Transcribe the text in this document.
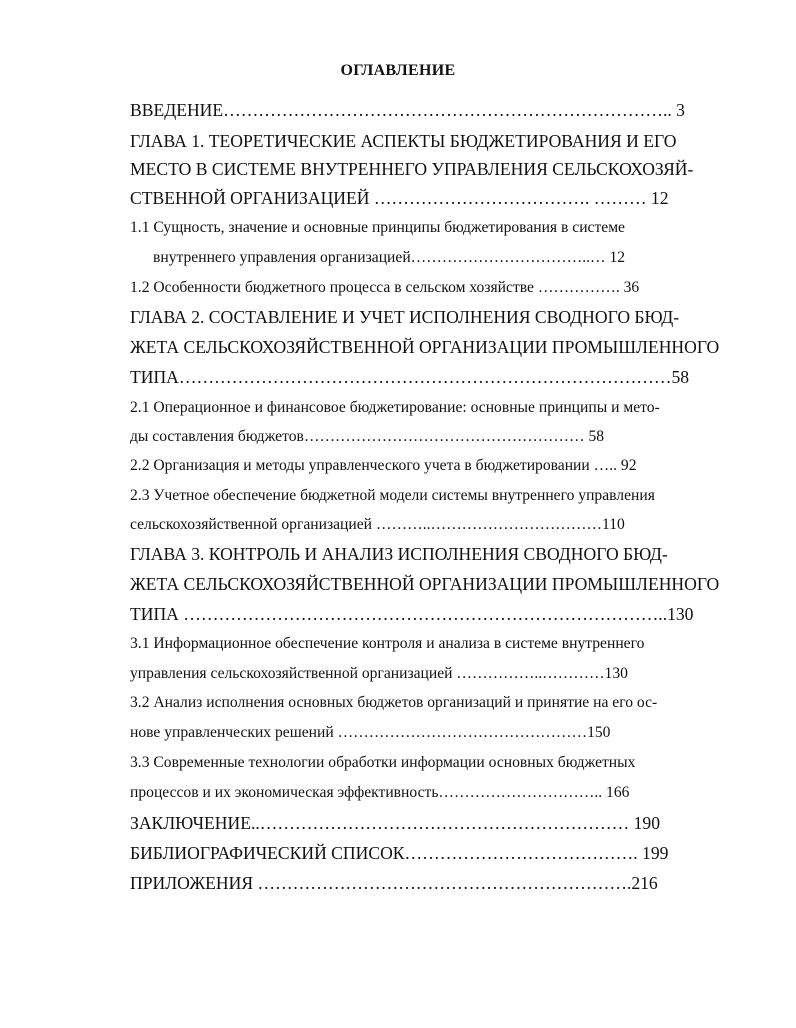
ОГЛАВЛЕНИЕ
ВВЕДЕНИЕ………………………………………………………………….. 3
ГЛАВА 1. ТЕОРЕТИЧЕСКИЕ АСПЕКТЫ БЮДЖЕТИРОВАНИЯ И ЕГО
МЕСТО В СИСТЕМЕ ВНУТРЕННЕГО УПРАВЛЕНИЯ СЕЛЬСКОХОЗЯЙ-
СТВЕННОЙ ОРГАНИЗАЦИЕЙ ………………………………. ……… 12
1.1 Сущность, значение и основные принципы бюджетирования в системе
внутреннего управления организацией……………………………..… 12
1.2 Особенности бюджетного процесса в сельском хозяйстве ……………. 36
ГЛАВА 2. СОСТАВЛЕНИЕ И УЧЕТ ИСПОЛНЕНИЯ СВОДНОГО БЮД-
ЖЕТА СЕЛЬСКОХОЗЯЙСТВЕННОЙ ОРГАНИЗАЦИИ ПРОМЫШЛЕННОГО
ТИПА…………………………………………………………………………58
2.1 Операционное и финансовое бюджетирование: основные принципы и мето-
ды составления бюджетов……………………………………………… 58
2.2 Организация и методы управленческого учета в бюджетировании ….. 92
2.3 Учетное обеспечение бюджетной модели системы внутреннего управления
сельскохозяйственной организацией ………..……………………………110
ГЛАВА 3. КОНТРОЛЬ И АНАЛИЗ ИСПОЛНЕНИЯ СВОДНОГО БЮД-
ЖЕТА СЕЛЬСКОХОЗЯЙСТВЕННОЙ ОРГАНИЗАЦИИ ПРОМЫШЛЕННОГО
ТИПА ………………………………………………………………………..130
3.1 Информационное обеспечение контроля и анализа в системе внутреннего
управления сельскохозяйственной организацией ……………..…………130
3.2 Анализ исполнения основных бюджетов организаций и принятие на его ос-
нове управленческих решений …………………………………………150
3.3 Современные технологии обработки информации основных бюджетных
процессов и их экономическая эффективность………………………….. 166
ЗАКЛЮЧЕНИЕ..……………………………………………………… 190
БИБЛИОГРАФИЧЕСКИЙ СПИСОК…………………………………. 199
ПРИЛОЖЕНИЯ ……………………………………………………….216
